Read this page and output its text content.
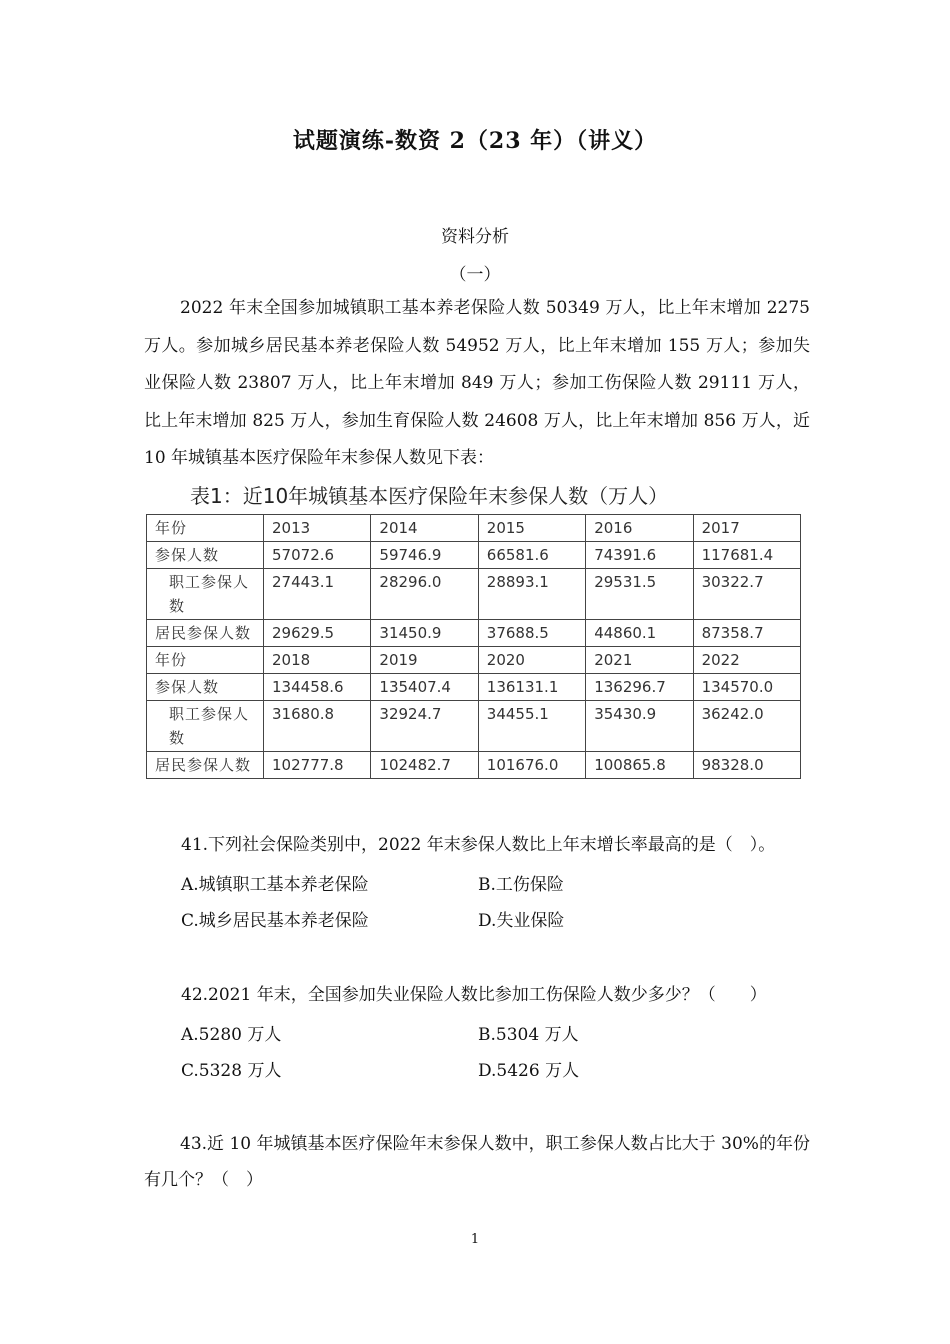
试题演练-数资 2（23 年）（讲义）
资料分析
（一）
2022 年末全国参加城镇职工基本养老保险人数 50349 万人，比上年末增加 2275 万人。参加城乡居民基本养老保险人数 54952 万人，比上年末增加 155 万人；参加失业保险人数 23807 万人，比上年末增加 849 万人；参加工伤保险人数 29111 万人，比上年末增加 825 万人，参加生育保险人数 24608 万人，比上年末增加 856 万人，近 10 年城镇基本医疗保险年末参保人数见下表：
表1：近10年城镇基本医疗保险年末参保人数（万人）
年份	2013	2014	2015	2016	2017
参保人数	57072.6	59746.9	66581.6	74391.6	117681.4
职工参保人数	27443.1	28296.0	28893.1	29531.5	30322.7
居民参保人数	29629.5	31450.9	37688.5	44860.1	87358.7
年份	2018	2019	2020	2021	2022
参保人数	134458.6	135407.4	136131.1	136296.7	134570.0
职工参保人数	31680.8	32924.7	34455.1	35430.9	36242.0
居民参保人数	102777.8	102482.7	101676.0	100865.8	98328.0
41.下列社会保险类别中，2022 年末参保人数比上年末增长率最高的是（　）。
A.城镇职工基本养老保险	B.工伤保险
C.城乡居民基本养老保险	D.失业保险
42.2021 年末，全国参加失业保险人数比参加工伤保险人数少多少？（　　）
A.5280 万人	B.5304 万人
C.5328 万人	D.5426 万人
43.近 10 年城镇基本医疗保险年末参保人数中，职工参保人数占比大于 30%的年份有几个？（　）
1
